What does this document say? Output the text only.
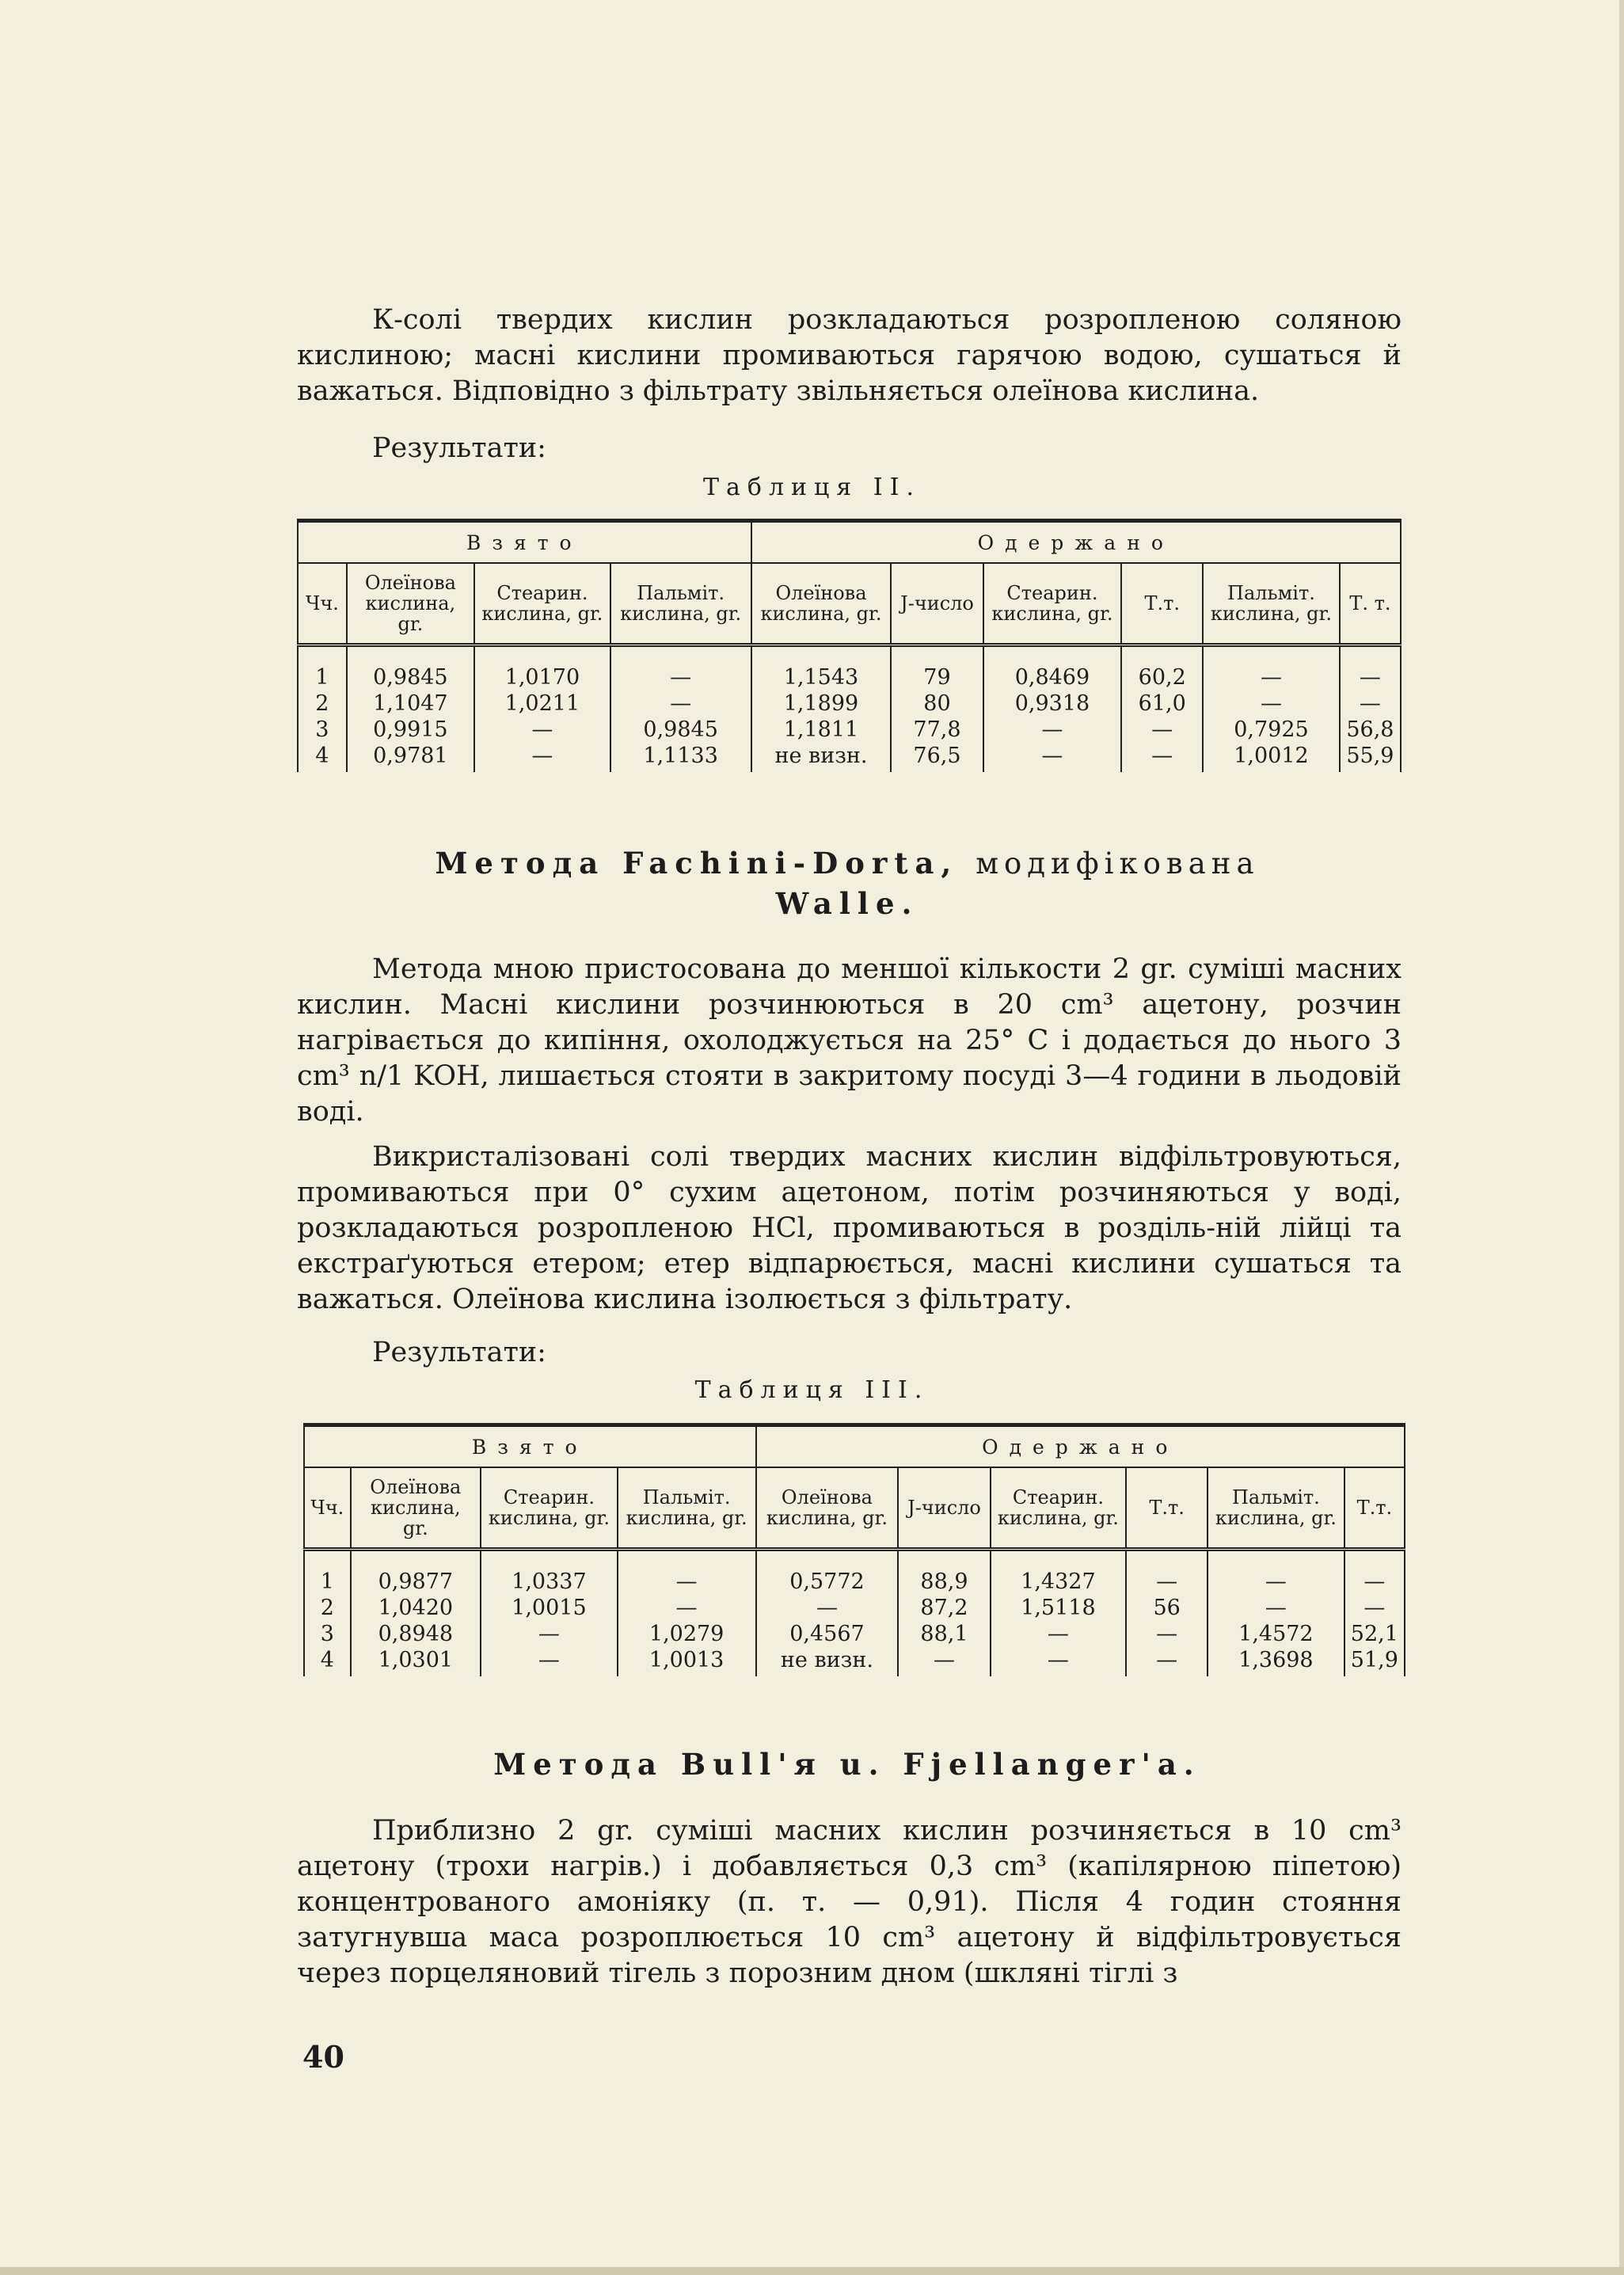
К-солі твердих кислин розкладаються розропленою соляною кислиною; масні кислини промиваються гарячою водою, сушаться й важаться. Відповідно з фільтрату звільняється олеїнова кислина.

Результати:
Таблиця II.
Взято				Одержано					
Чч.	Олеїнова кислина, gr.	Стеарин. кислина, gr.	Пальміт. кислина, gr.	Олеїнова кислина, gr.	J-число	Стеарин. кислина, gr.	Т.т.	Пальміт. кислина, gr.	Т. т.

1	0,9845	1,0170	—	1,1543	79	0,8469	60,2	—	—
2	1,1047	1,0211	—	1,1899	80	0,9318	61,0	—	—
3	0,9915	—	0,9845	1,1811	77,8	—	—	0,7925	56,8
4	0,9781	—	1,1133	не визн.	76,5	—	—	1,0012	55,9
Метода Fachini-Dorta, модифікована
Walle.

Метода мною пристосована до меншої кількости 2 gr. суміші масних кислин. Масні кислини розчинюються в 20 cm³ ацетону, розчин нагрівається до кипіння, охолоджується на 25° C і додається до нього 3 cm³ n/1 KOH, лишається стояти в закритому посуді 3—4 години в льодовій воді.

Викристалізовані солі твердих масних кислин відфільтровуються, промиваються при 0° сухим ацетоном, потім розчиняються у воді, розкладаються розропленою HCl, промиваються в розділь-ній лійці та екстраґуються етером; етер відпарюється, масні кислини сушаться та важаться. Олеїнова кислина ізолюється з фільтрату.

Результати:
Таблиця III.
Взято				Одержано					
Чч.	Олеїнова кислина, gr.	Стеарин. кислина, gr.	Пальміт. кислина, gr.	Олеїнова кислина, gr.	J-число	Стеарин. кислина, gr.	Т.т.	Пальміт. кислина, gr.	Т.т.

1	0,9877	1,0337	—	0,5772	88,9	1,4327	—	—	—
2	1,0420	1,0015	—	—	87,2	1,5118	56	—	—
3	0,8948	—	1,0279	0,4567	88,1	—	—	1,4572	52,1
4	1,0301	—	1,0013	не визн.	—	—	—	1,3698	51,9
Метода Bull'я u. Fjellanger'a.

Приблизно 2 gr. суміші масних кислин розчиняється в 10 cm³ ацетону (трохи нагрів.) і добавляється 0,3 cm³ (капілярною піпетою) концентрованого амоніяку (п. т. — 0,91). Після 4 годин стояння затугнувша маса розроплюється 10 cm³ ацетону й відфільтровується через порцеляновий тігель з порозним дном (шкляні тіглі з

40
